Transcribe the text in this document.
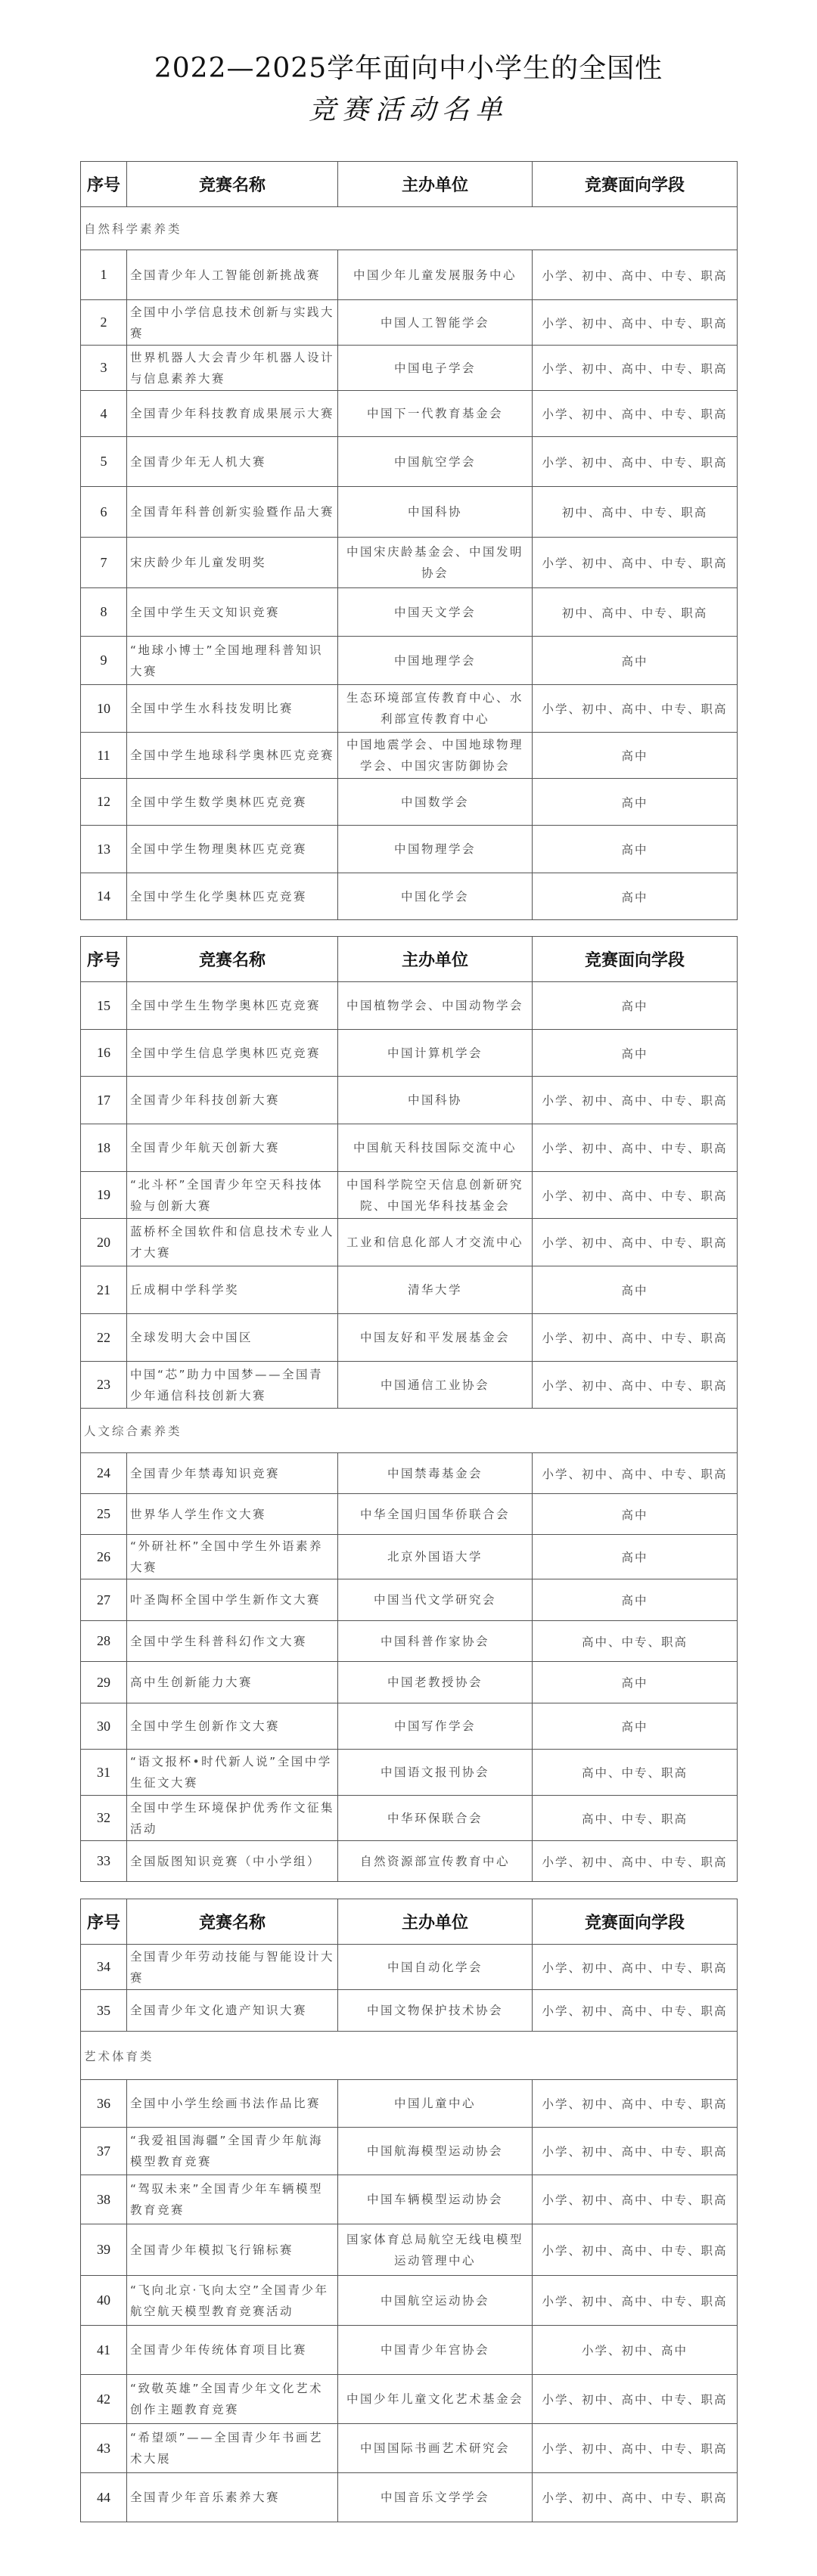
2022—2025学年面向中小学生的全国性
竞赛活动名单
序号	竞赛名称	主办单位	竞赛面向学段
自然科学素养类			
1	全国青少年人工智能创新挑战赛	中国少年儿童发展服务中心	小学、初中、高中、中专、职高
2	全国中小学信息技术创新与实践大赛	中国人工智能学会	小学、初中、高中、中专、职高
3	世界机器人大会青少年机器人设计与信息素养大赛	中国电子学会	小学、初中、高中、中专、职高
4	全国青少年科技教育成果展示大赛	中国下一代教育基金会	小学、初中、高中、中专、职高
5	全国青少年无人机大赛	中国航空学会	小学、初中、高中、中专、职高
6	全国青年科普创新实验暨作品大赛	中国科协	初中、高中、中专、职高
7	宋庆龄少年儿童发明奖	中国宋庆龄基金会、中国发明协会	小学、初中、高中、中专、职高
8	全国中学生天文知识竞赛	中国天文学会	初中、高中、中专、职高
9	“地球小博士”全国地理科普知识大赛	中国地理学会	高中
10	全国中学生水科技发明比赛	生态环境部宣传教育中心、水利部宣传教育中心	小学、初中、高中、中专、职高
11	全国中学生地球科学奥林匹克竞赛	中国地震学会、中国地球物理学会、中国灾害防御协会	高中
12	全国中学生数学奥林匹克竞赛	中国数学会	高中
13	全国中学生物理奥林匹克竞赛	中国物理学会	高中
14	全国中学生化学奥林匹克竞赛	中国化学会	高中
序号	竞赛名称	主办单位	竞赛面向学段
15	全国中学生生物学奥林匹克竞赛	中国植物学会、中国动物学会	高中
16	全国中学生信息学奥林匹克竞赛	中国计算机学会	高中
17	全国青少年科技创新大赛	中国科协	小学、初中、高中、中专、职高
18	全国青少年航天创新大赛	中国航天科技国际交流中心	小学、初中、高中、中专、职高
19	“北斗杯”全国青少年空天科技体验与创新大赛	中国科学院空天信息创新研究院、中国光华科技基金会	小学、初中、高中、中专、职高
20	蓝桥杯全国软件和信息技术专业人才大赛	工业和信息化部人才交流中心	小学、初中、高中、中专、职高
21	丘成桐中学科学奖	清华大学	高中
22	全球发明大会中国区	中国友好和平发展基金会	小学、初中、高中、中专、职高
23	中国“芯”助力中国梦——全国青少年通信科技创新大赛	中国通信工业协会	小学、初中、高中、中专、职高
人文综合素养类			
24	全国青少年禁毒知识竞赛	中国禁毒基金会	小学、初中、高中、中专、职高
25	世界华人学生作文大赛	中华全国归国华侨联合会	高中
26	“外研社杯”全国中学生外语素养大赛	北京外国语大学	高中
27	叶圣陶杯全国中学生新作文大赛	中国当代文学研究会	高中
28	全国中学生科普科幻作文大赛	中国科普作家协会	高中、中专、职高
29	高中生创新能力大赛	中国老教授协会	高中
30	全国中学生创新作文大赛	中国写作学会	高中
31	“语文报杯•时代新人说”全国中学生征文大赛	中国语文报刊协会	高中、中专、职高
32	全国中学生环境保护优秀作文征集活动	中华环保联合会	高中、中专、职高
33	全国版图知识竞赛（中小学组）	自然资源部宣传教育中心	小学、初中、高中、中专、职高
序号	竞赛名称	主办单位	竞赛面向学段
34	全国青少年劳动技能与智能设计大赛	中国自动化学会	小学、初中、高中、中专、职高
35	全国青少年文化遗产知识大赛	中国文物保护技术协会	小学、初中、高中、中专、职高
艺术体育类			
36	全国中小学生绘画书法作品比赛	中国儿童中心	小学、初中、高中、中专、职高
37	“我爱祖国海疆”全国青少年航海模型教育竞赛	中国航海模型运动协会	小学、初中、高中、中专、职高
38	“驾驭未来”全国青少年车辆模型教育竞赛	中国车辆模型运动协会	小学、初中、高中、中专、职高
39	全国青少年模拟飞行锦标赛	国家体育总局航空无线电模型运动管理中心	小学、初中、高中、中专、职高
40	“飞向北京·飞向太空”全国青少年航空航天模型教育竞赛活动	中国航空运动协会	小学、初中、高中、中专、职高
41	全国青少年传统体育项目比赛	中国青少年宫协会	小学、初中、高中
42	“致敬英雄”全国青少年文化艺术创作主题教育竞赛	中国少年儿童文化艺术基金会	小学、初中、高中、中专、职高
43	“希望颂”——全国青少年书画艺术大展	中国国际书画艺术研究会	小学、初中、高中、中专、职高
44	全国青少年音乐素养大赛	中国音乐文学学会	小学、初中、高中、中专、职高
